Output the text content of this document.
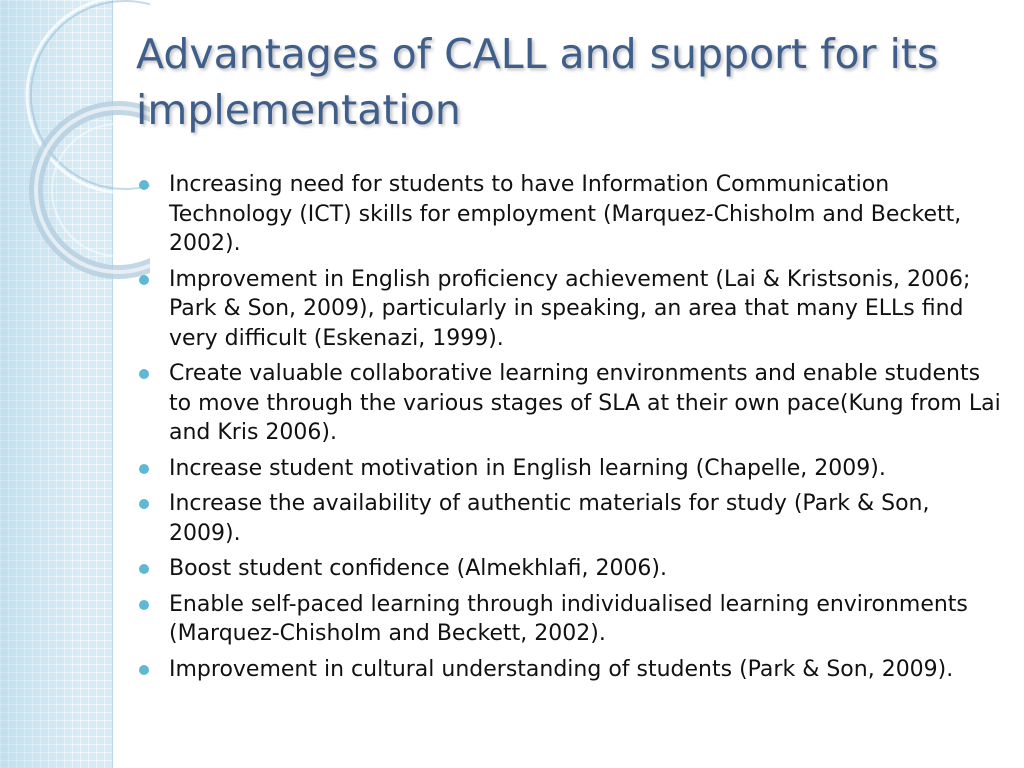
Advantages of CALL and support for its implementation
Increasing need for students to have Information Communication Technology (ICT) skills for employment (Marquez-Chisholm and Beckett, 2002).
Improvement in English proficiency achievement (Lai & Kristsonis, 2006; Park & Son, 2009), particularly in speaking, an area that many ELLs find very difficult (Eskenazi, 1999).
Create valuable collaborative learning environments and enable students to move through the various stages of SLA at their own pace(Kung from Lai and Kris 2006).
Increase student motivation in English learning (Chapelle, 2009).
Increase the availability of authentic materials for study (Park & Son, 2009).
Boost student confidence (Almekhlafi, 2006).
Enable self-paced learning through individualised learning environments (Marquez-Chisholm and Beckett, 2002).
Improvement in cultural understanding of students (Park & Son, 2009).
